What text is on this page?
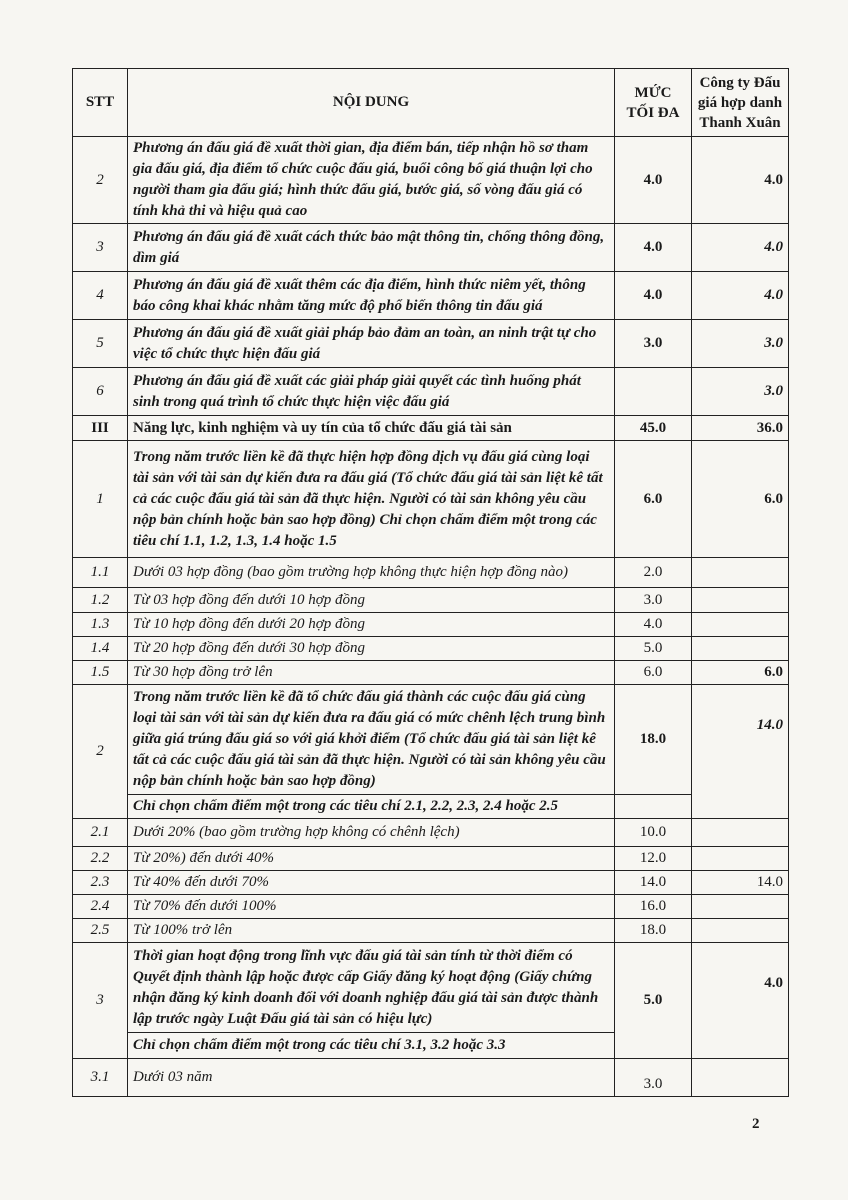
STT	NỘI DUNG	MỨC TỐI ĐA	Công ty Đấu giá hợp danh Thanh Xuân
2	Phương án đấu giá đề xuất thời gian, địa điểm bán, tiếp nhận hồ sơ tham gia đấu giá, địa điểm tổ chức cuộc đấu giá, buổi công bố giá thuận lợi cho người tham gia đấu giá; hình thức đấu giá, bước giá, số vòng đấu giá có tính khả thi và hiệu quả cao	4.0	4.0
3	Phương án đấu giá đề xuất cách thức bảo mật thông tin, chống thông đồng, dìm giá	4.0	4.0
4	Phương án đấu giá đề xuất thêm các địa điểm, hình thức niêm yết, thông báo công khai khác nhằm tăng mức độ phổ biến thông tin đấu giá	4.0	4.0
5	Phương án đấu giá đề xuất giải pháp bảo đảm an toàn, an ninh trật tự cho việc tổ chức thực hiện đấu giá	3.0	3.0
6	Phương án đấu giá đề xuất các giải pháp giải quyết các tình huống phát sinh trong quá trình tổ chức thực hiện việc đấu giá		3.0
III	Năng lực, kinh nghiệm và uy tín của tổ chức đấu giá tài sản	45.0	36.0
1	Trong năm trước liền kề đã thực hiện hợp đồng dịch vụ đấu giá cùng loại tài sản với tài sản dự kiến đưa ra đấu giá (Tổ chức đấu giá tài sản liệt kê tất cả các cuộc đấu giá tài sản đã thực hiện. Người có tài sản không yêu cầu nộp bản chính hoặc bản sao hợp đồng) Chỉ chọn chấm điểm một trong các tiêu chí 1.1, 1.2, 1.3, 1.4 hoặc 1.5	6.0	6.0
1.1	Dưới 03 hợp đồng (bao gồm trường hợp không thực hiện hợp đồng nào)	2.0	
1.2	Từ 03 hợp đồng đến dưới 10 hợp đồng	3.0	
1.3	Từ 10 hợp đồng đến dưới 20 hợp đồng	4.0	
1.4	Từ 20 hợp đồng đến dưới 30 hợp đồng	5.0	
1.5	Từ 30 hợp đồng trở lên	6.0	6.0
2	Trong năm trước liền kề đã tổ chức đấu giá thành các cuộc đấu giá cùng loại tài sản với tài sản dự kiến đưa ra đấu giá có mức chênh lệch trung bình giữa giá trúng đấu giá so với giá khởi điểm (Tổ chức đấu giá tài sản liệt kê tất cả các cuộc đấu giá tài sản đã thực hiện. Người có tài sản không yêu cầu nộp bản chính hoặc bản sao hợp đồng)	18.0	14.0
	Chỉ chọn chấm điểm một trong các tiêu chí 2.1, 2.2, 2.3, 2.4 hoặc 2.5		
2.1	Dưới 20% (bao gồm trường hợp không có chênh lệch)	10.0	
2.2	Từ 20%) đến dưới 40%	12.0	
2.3	Từ 40% đến dưới 70%	14.0	14.0
2.4	Từ 70% đến dưới 100%	16.0	
2.5	Từ 100% trở lên	18.0	
3	Thời gian hoạt động trong lĩnh vực đấu giá tài sản tính từ thời điểm có Quyết định thành lập hoặc được cấp Giấy đăng ký hoạt động (Giấy chứng nhận đăng ký kinh doanh đối với doanh nghiệp đấu giá tài sản được thành lập trước ngày Luật Đấu giá tài sản có hiệu lực)	5.0	4.0
	Chỉ chọn chấm điểm một trong các tiêu chí 3.1, 3.2 hoặc 3.3		
3.1	Dưới 03 năm	3.0	
2
